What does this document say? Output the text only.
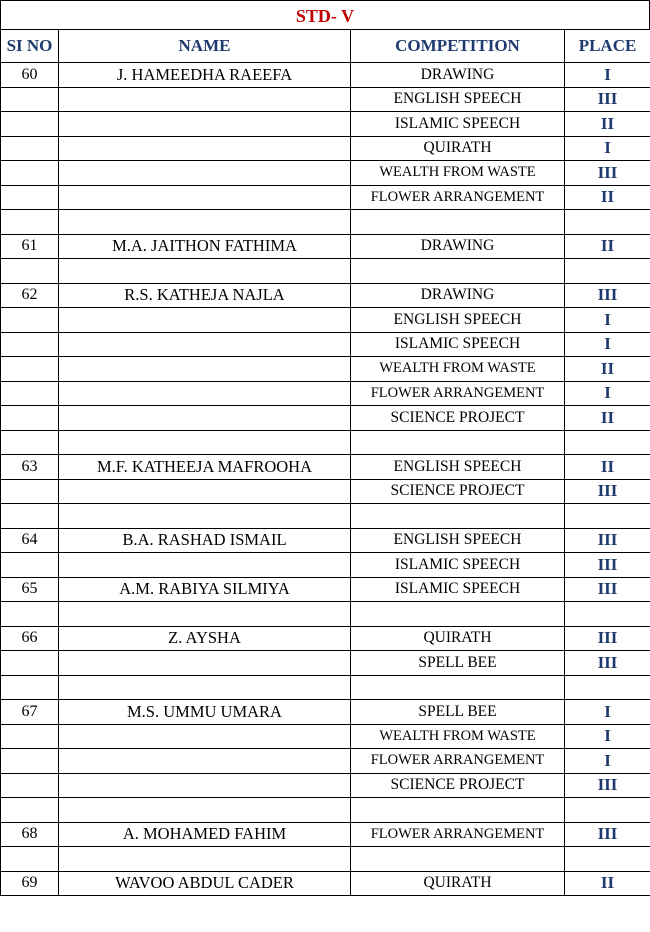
STD- V
SI NO	NAME	COMPETITION	PLACE
60	J. HAMEEDHA RAEEFA	DRAWING	I
		ENGLISH SPEECH	III
		ISLAMIC SPEECH	II
		QUIRATH	I
		WEALTH FROM WASTE	III
		FLOWER ARRANGEMENT	II

61	M.A. JAITHON FATHIMA	DRAWING	II

62	R.S. KATHEJA NAJLA	DRAWING	III
		ENGLISH SPEECH	I
		ISLAMIC SPEECH	I
		WEALTH FROM WASTE	II
		FLOWER ARRANGEMENT	I
		SCIENCE PROJECT	II

63	M.F. KATHEEJA MAFROOHA	ENGLISH SPEECH	II
		SCIENCE PROJECT	III

64	B.A. RASHAD ISMAIL	ENGLISH SPEECH	III
		ISLAMIC SPEECH	III
65	A.M. RABIYA SILMIYA	ISLAMIC SPEECH	III

66	Z. AYSHA	QUIRATH	III
		SPELL BEE	III

67	M.S. UMMU UMARA	SPELL BEE	I
		WEALTH FROM WASTE	I
		FLOWER ARRANGEMENT	I
		SCIENCE PROJECT	III

68	A. MOHAMED FAHIM	FLOWER ARRANGEMENT	III

69	WAVOO ABDUL CADER	QUIRATH	II
